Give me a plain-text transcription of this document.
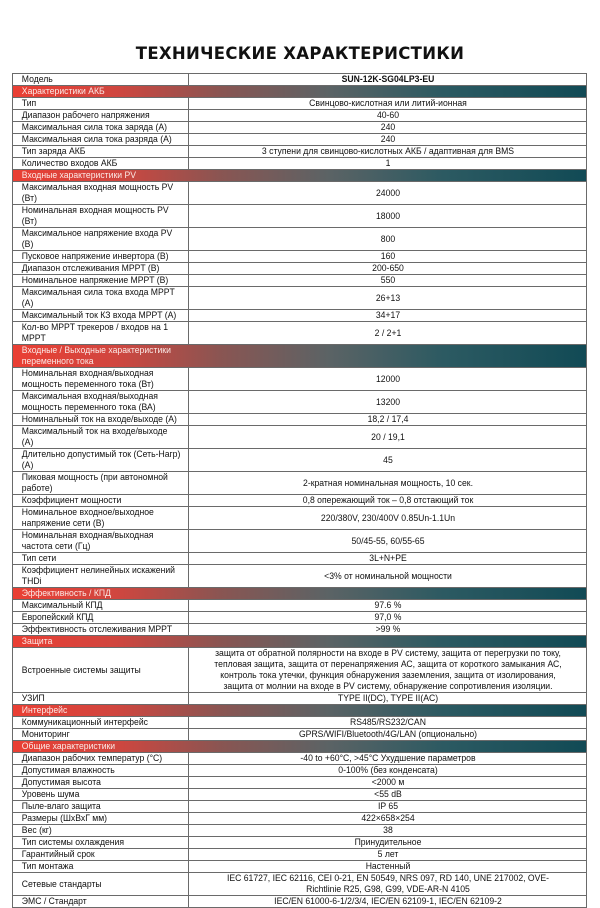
ТЕХНИЧЕСКИЕ ХАРАКТЕРИСТИКИ
Модель	SUN-12K-SG04LP3-EU
Характеристики АКБ	
Тип	Свинцово-кислотная или литий-ионная

Диапазон рабочего напряжения	40-60

Максимальная сила тока заряда (А)	240

Максимальная сила тока разряда (А)	240

Тип заряда АКБ	3 ступени для свинцово-кислотных АКБ / адаптивная для BMS

Количество входов АКБ	1

Входные характеристики PV	
Максимальная входная мощность PV (Вт)	24000

Номинальная входная мощность PV (Вт)	18000

Максимальное напряжение входа PV (В)	800

Пусковое напряжение инвертора (В)	160

Диапазон отслеживания MPPT (В)	200-650

Номинальное напряжение MPPT (В)	550

Максимальная сила тока входа MPPT (А)	26+13

Максимальный ток КЗ входа MPPT (А)	34+17

Кол-во MPPT трекеров / входов на 1 MPPT	2 / 2+1

Входные / Выходные характеристики переменного тока	
Номинальная входная/выходная мощность переменного тока (Вт)	12000

Максимальная входная/выходная мощность переменного тока (ВА)	13200

Номинальный ток на входе/выходе (А)	18,2 / 17,4

Максимальный ток на входе/выходе (А)	20 / 19,1

Длительно допустимый ток (Сеть-Нагр) (А)	45

Пиковая мощность (при автономной работе)	2-кратная номинальная мощность, 10 сек.

Коэффициент мощности	0,8 опережающий ток – 0,8 отстающий ток

Номинальное входное/выходное напряжение сети (В)	220/380V, 230/400V 0.85Un-1.1Un

Номинальная входная/выходная частота сети (Гц)	50/45-55, 60/55-65

Тип сети	3L+N+PE

Коэффициент нелинейных искажений THDi	<3% от номинальной мощности

Эффективность / КПД	
Максимальный КПД	97.6 %

Европейский КПД	97,0 %

Эффективность отслеживания MPPT	>99 %

Защита	
Встроенные системы защиты	защита от обратной полярности на входе в PV систему, защита от перегрузки по току, тепловая защита, защита от перенапряжения АС, защита от короткого замыкания АС, контроль тока утечки, функция обнаружения заземления, защита от изолирования, защита от молнии на входе в PV систему, обнаружение сопротивления изоляции.

УЗИП	TYPE II(DC), TYPE II(AC)

Интерфейс	
Коммуникационный интерфейс	RS485/RS232/CAN

Мониторинг	GPRS/WIFI/Bluetooth/4G/LAN (опционально)

Общие характеристики	
Диапазон рабочих температур (°C)	-40 to +60°C, >45°C Ухудшение параметров

Допустимая влажность	0-100% (без конденсата)

Допустимая высота	<2000 м

Уровень шума	<55 dB

Пыле-влаго защита	IP 65

Размеры (ШхВхГ мм)	422×658×254

Вес (кг)	38

Тип системы охлаждения	Принудительное

Гарантийный срок	5 лет

Тип монтажа	Настенный

Сетевые стандарты	IEC 61727, IEC 62116, CEI 0-21, EN 50549, NRS 097, RD 140, UNE 217002, OVE-Richtlinie R25, G98, G99, VDE-AR-N 4105

ЭМС / Стандарт	IEC/EN 61000-6-1/2/3/4, IEC/EN 62109-1, IEC/EN 62109-2
